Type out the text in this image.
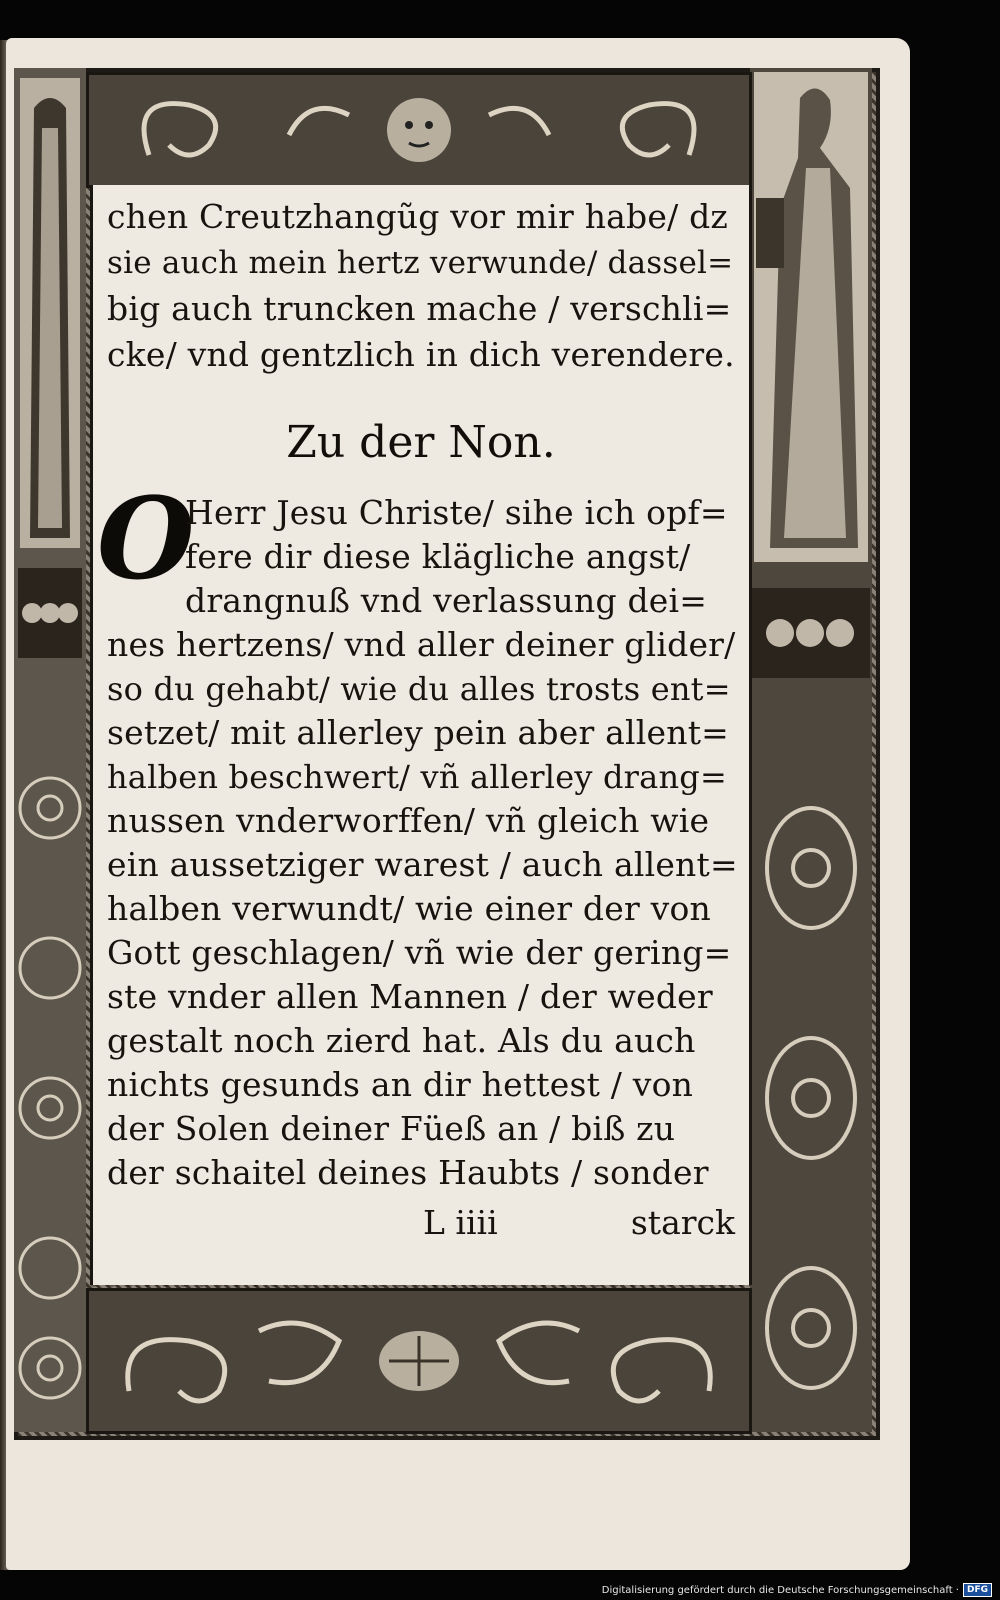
chen Creutzhangũg vor mir habe/ dz
sie auch mein hertz verwunde/ dassel=
big auch truncken mache / verschli=
cke/ vnd gentzlich in dich verendere.
Zu der Non.
O
Herr Jesu Christe/ sihe ich opf=
fere dir diese klägliche angst/
drangnuß vnd verlassung dei=
nes hertzens/ vnd aller deiner glider/
so du gehabt/ wie du alles trosts ent=
setzet/ mit allerley pein aber allent=
halben beschwert/ vñ allerley drang=
nussen vnderworffen/ vñ gleich wie
ein aussetziger warest / auch allent=
halben verwundt/ wie einer der von
Gott geschlagen/ vñ wie der gering=
ste vnder allen Mannen / der weder
gestalt noch zierd hat. Als du auch
nichts gesunds an dir hettest / von
der Solen deiner Füeß an / biß zu
der schaitel deines Haubts / sonder
L iiii	starck
Digitalisierung gefördert durch die Deutsche Forschungsgemeinschaft · DFG
